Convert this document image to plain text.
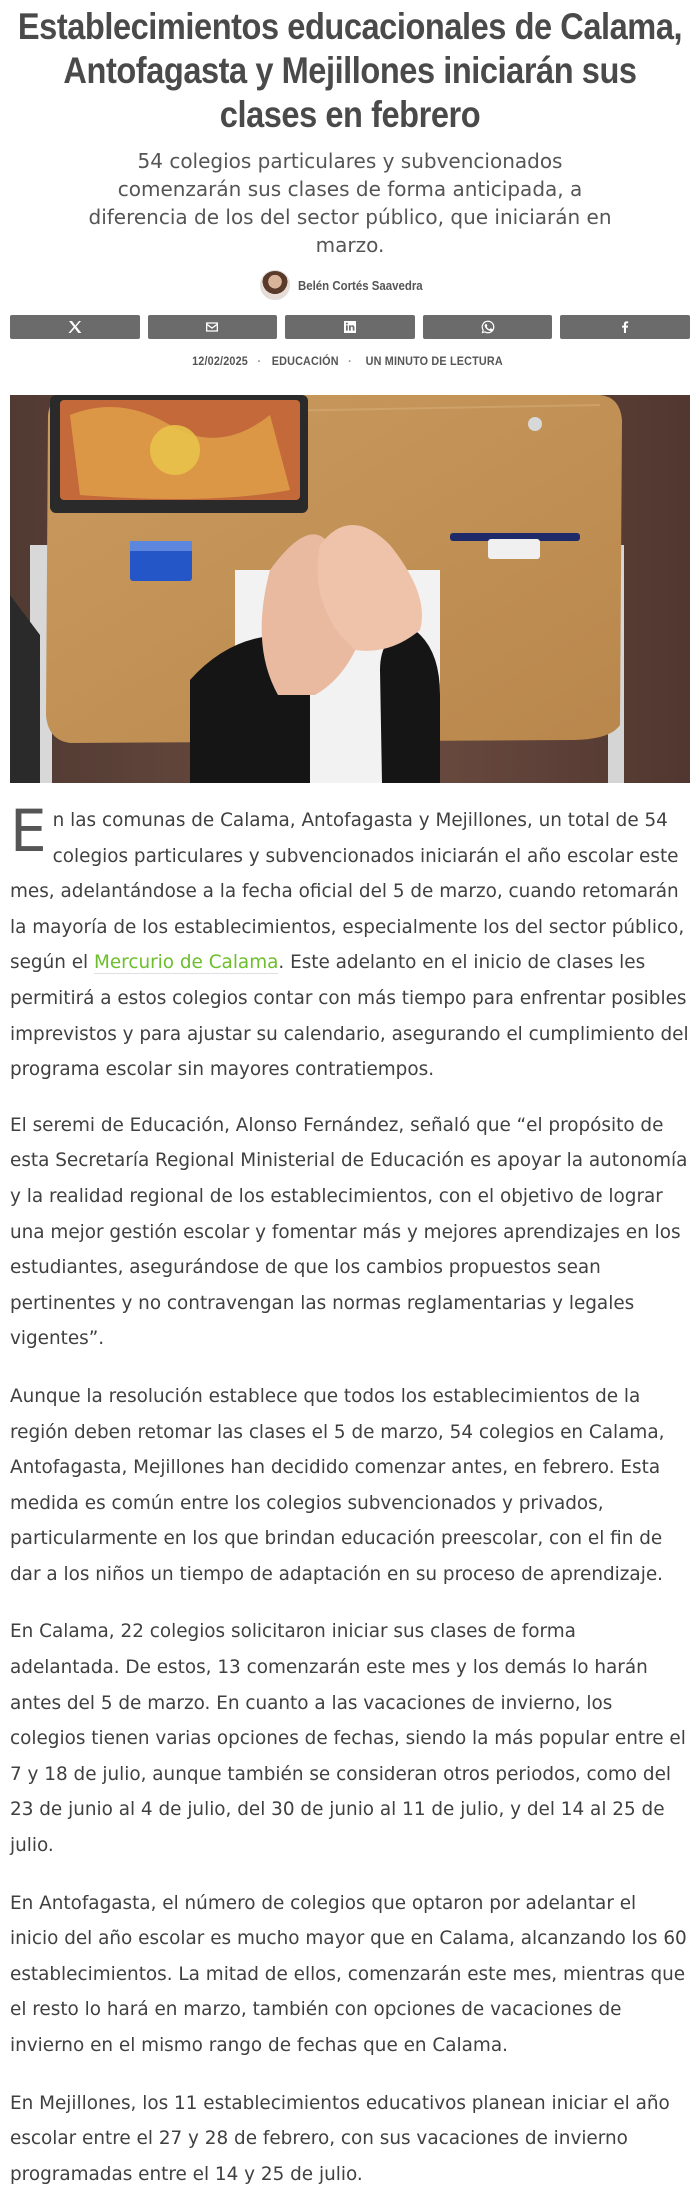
Establecimientos educacionales de Calama, Antofagasta y Mejillones iniciarán sus clases en febrero

54 colegios particulares y subvencionados comenzarán sus clases de forma anticipada, a diferencia de los del sector público, que iniciarán en marzo.

Belén Cortés Saavedra
12/02/2025 · EDUCACIÓN · UN MINUTO DE LECTURA

En las comunas de Calama, Antofagasta y Mejillones, un total de 54 colegios particulares y subvencionados iniciarán el año escolar este mes, adelantándose a la fecha oficial del 5 de marzo, cuando retomarán la mayoría de los establecimientos, especialmente los del sector público, según el Mercurio de Calama. Este adelanto en el inicio de clases les permitirá a estos colegios contar con más tiempo para enfrentar posibles imprevistos y para ajustar su calendario, asegurando el cumplimiento del programa escolar sin mayores contratiempos.

El seremi de Educación, Alonso Fernández, señaló que “el propósito de esta Secretaría Regional Ministerial de Educación es apoyar la autonomía y la realidad regional de los establecimientos, con el objetivo de lograr una mejor gestión escolar y fomentar más y mejores aprendizajes en los estudiantes, asegurándose de que los cambios propuestos sean pertinentes y no contravengan las normas reglamentarias y legales vigentes”.

Aunque la resolución establece que todos los establecimientos de la región deben retomar las clases el 5 de marzo, 54 colegios en Calama, Antofagasta, Mejillones han decidido comenzar antes, en febrero. Esta medida es común entre los colegios subvencionados y privados, particularmente en los que brindan educación preescolar, con el fin de dar a los niños un tiempo de adaptación en su proceso de aprendizaje.

En Calama, 22 colegios solicitaron iniciar sus clases de forma adelantada. De estos, 13 comenzarán este mes y los demás lo harán antes del 5 de marzo. En cuanto a las vacaciones de invierno, los colegios tienen varias opciones de fechas, siendo la más popular entre el 7 y 18 de julio, aunque también se consideran otros periodos, como del 23 de junio al 4 de julio, del 30 de junio al 11 de julio, y del 14 al 25 de julio.

En Antofagasta, el número de colegios que optaron por adelantar el inicio del año escolar es mucho mayor que en Calama, alcanzando los 60 establecimientos. La mitad de ellos, comenzarán este mes, mientras que el resto lo hará en marzo, también con opciones de vacaciones de invierno en el mismo rango de fechas que en Calama.

En Mejillones, los 11 establecimientos educativos planean iniciar el año escolar entre el 27 y 28 de febrero, con sus vacaciones de invierno programadas entre el 14 y 25 de julio.
